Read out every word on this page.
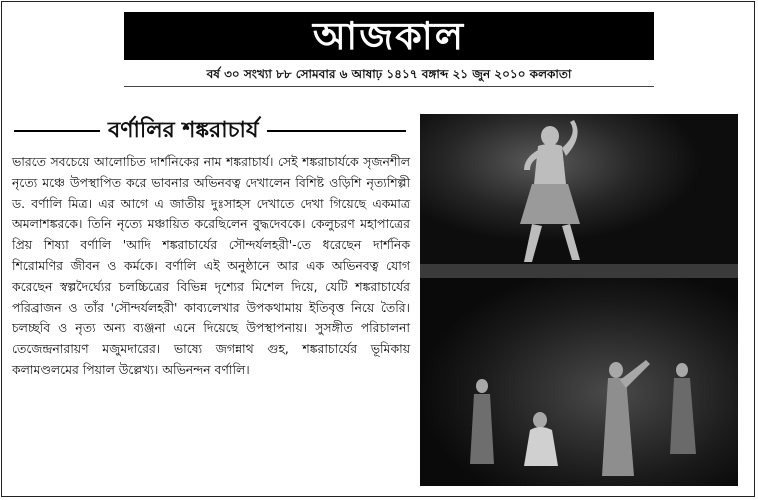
আজকাল
বর্ষ ৩০ সংখ্যা ৮৮ সোমবার ৬ আষাঢ় ১৪১৭ বঙ্গাব্দ ২১ জুন ২০১০ কলকাতা
বর্ণালির শঙ্করাচার্য

ভারতে সবচেয়ে আলোচিত দার্শনিকের নাম শঙ্করাচার্য। সেই শঙ্করাচার্যকে সৃজনশীল নৃত্যে মঞ্চে উপস্থাপিত করে ভাবনার অভিনবত্ব দেখালেন বিশিষ্ট ওড়িশি নৃত্যশিল্পী ড. বর্ণালি মিত্র। এর আগে এ জাতীয় দুঃসাহস দেখাতে দেখা গিয়েছে একমাত্র অমলাশঙ্করকে। তিনি নৃত্যে মঞ্চায়িত করেছিলেন বুদ্ধদেবকে। কেলুচরণ মহাপাত্রের প্রিয় শিষ্যা বর্ণালি 'আদি শঙ্করাচার্যের সৌন্দর্যলহরী'-তে ধরেছেন দার্শনিক শিরোমণির জীবন ও কর্মকে। বর্ণালি এই অনুষ্ঠানে আর এক অভিনবত্ব যোগ করেছেন স্বল্পদৈর্ঘ্যের চলচ্চিত্রের বিভিন্ন দৃশ্যের মিশেল দিয়ে, যেটি শঙ্করাচার্যের পরিব্রাজন ও তাঁর 'সৌন্দর্যলহরী' কাব্যলেখার উপকথামায় ইতিবৃত্ত নিয়ে তৈরি। চলচ্ছবি ও নৃত্য অন্য ব্যঞ্জনা এনে দিয়েছে উপস্থাপনায়। সুসঙ্গীত পরিচালনা তেজেন্দ্রনারায়ণ মজুমদারের। ভাষ্যে জগন্নাথ গুহ, শঙ্করাচার্যের ভূমিকায় কলামণ্ডলমের পিয়াল উল্লেখ্য। অভিনন্দন বর্ণালি।
